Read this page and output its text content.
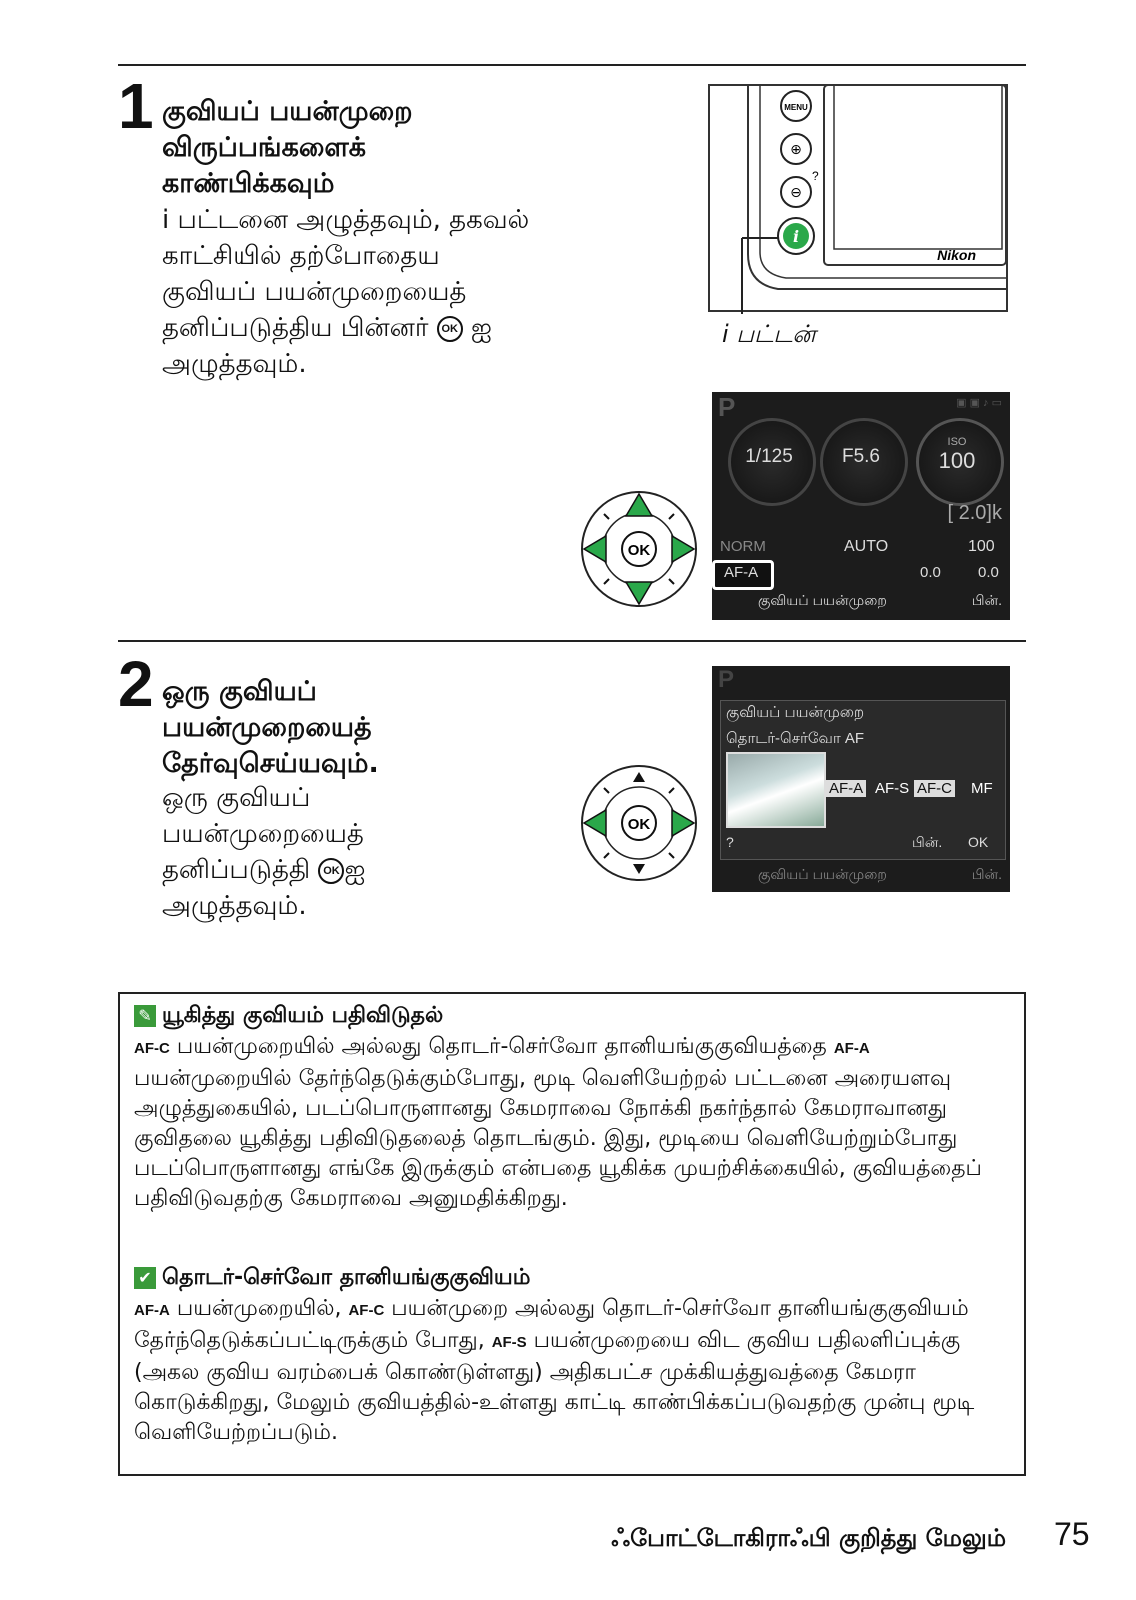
1 குவியப் பயன்முறை விருப்பங்களைக் காண்பிக்கவும்
i பட்டனை அழுத்தவும், தகவல் காட்சியில் தற்போதைய குவியப் பயன்முறையைத் தனிப்படுத்திய பின்னர் OK ஐ அழுத்தவும்.
MENU
⊕
?
⊖
i
Nikon
i பட்டன்
OK
P	▣ ▣ ♪ ▭
1/125	F5.6
ISO
100
[ 2.0]k
NORM	AUTO	100
AF-A	0.0 0.0
குவியப் பயன்முறை	பின்.
2 ஒரு குவியப் பயன்முறையைத் தேர்வுசெய்யவும்.
ஒரு குவியப் பயன்முறையைத் தனிப்படுத்தி OK ஐ அழுத்தவும்.
OK
P
குவியப் பயன்முறை
தொடர்-செர்வோ AF
AF-A AF-S AF-C MF
?	பின். OK
குவியப் பயன்முறை	பின்.
✎ யூகித்து குவியம் பதிவிடுதல்
AF-C பயன்முறையில் அல்லது தொடர்-செர்வோ தானியங்குகுவியத்தை AF-A பயன்முறையில் தேர்ந்தெடுக்கும்போது, மூடி வெளியேற்றல் பட்டனை அரையளவு அழுத்துகையில், படப்பொருளானது கேமராவை நோக்கி நகர்ந்தால் கேமராவானது குவிதலை யூகித்து பதிவிடுதலைத் தொடங்கும். இது, மூடியை வெளியேற்றும்போது படப்பொருளானது எங்கே இருக்கும் என்பதை யூகிக்க முயற்சிக்கையில், குவியத்தைப் பதிவிடுவதற்கு கேமராவை அனுமதிக்கிறது.
✔ தொடர்-செர்வோ தானியங்குகுவியம்
AF-A பயன்முறையில், AF-C பயன்முறை அல்லது தொடர்-செர்வோ தானியங்குகுவியம் தேர்ந்தெடுக்கப்பட்டிருக்கும் போது, AF-S பயன்முறையை விட குவிய பதிலளிப்புக்கு (அகல குவிய வரம்பைக் கொண்டுள்ளது) அதிகபட்ச முக்கியத்துவத்தை கேமரா கொடுக்கிறது, மேலும் குவியத்தில்-உள்ளது காட்டி காண்பிக்கப்படுவதற்கு முன்பு மூடி வெளியேற்றப்படும்.
ஃபோட்டோகிராஃபி குறித்து மேலும் 75
